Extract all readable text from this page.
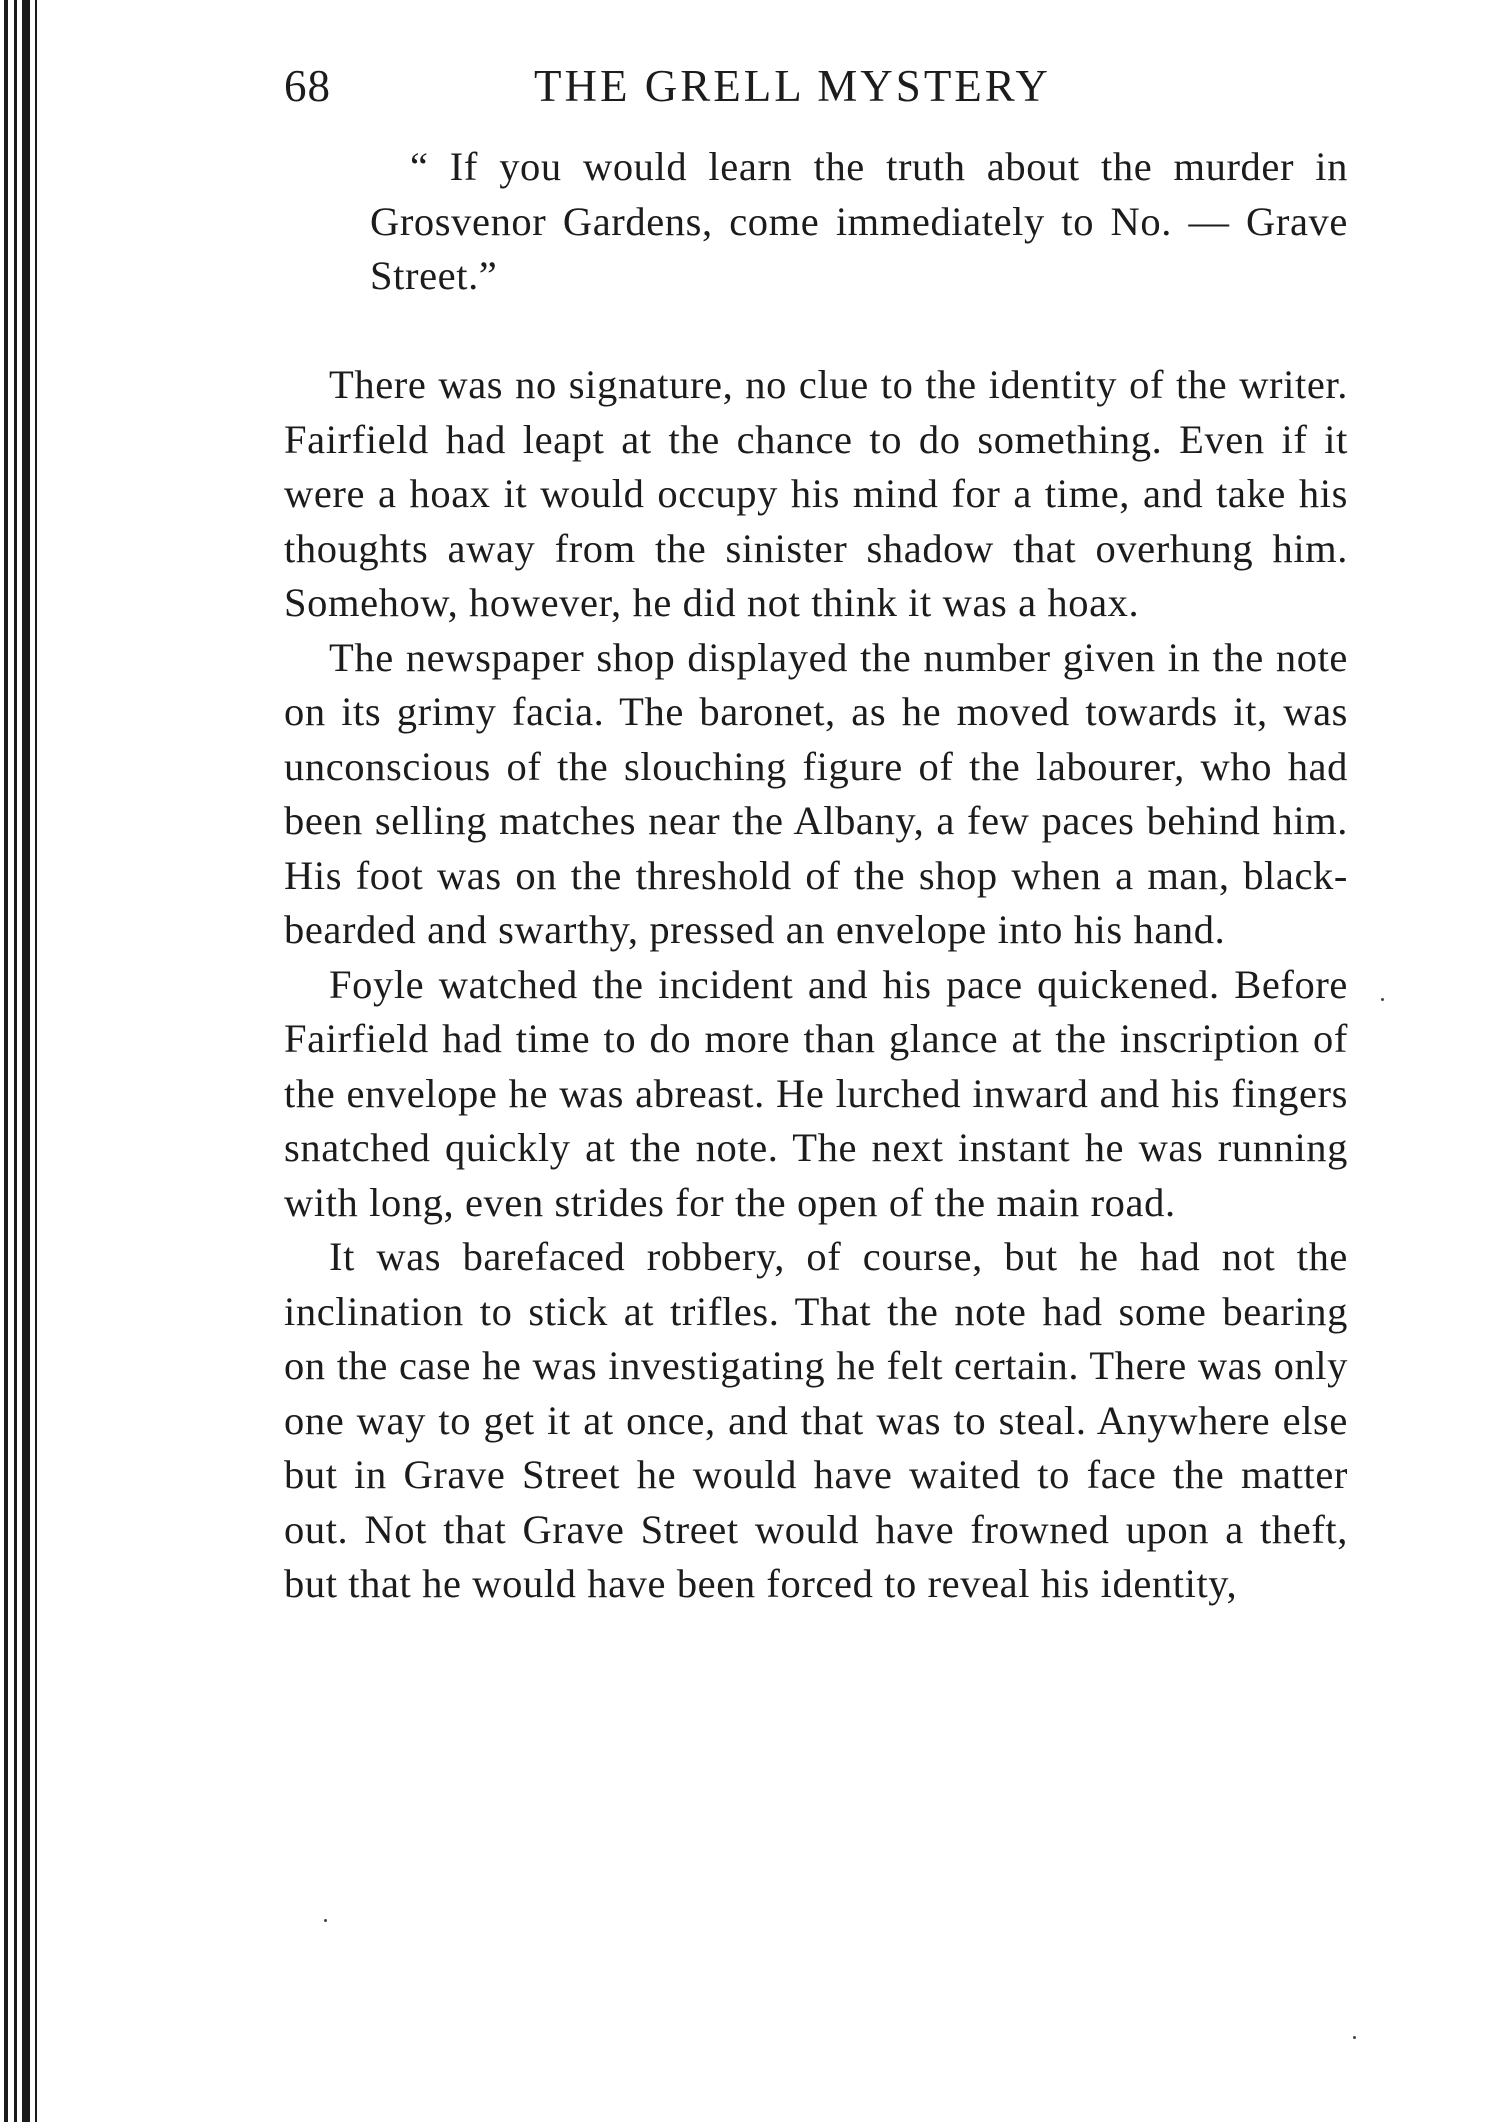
68	THE GRELL MYSTERY

“ If you would learn the truth about the murder in Grosvenor Gardens, come immediately to No. — Grave Street.”

There was no signature, no clue to the identity of the writer. Fairfield had leapt at the chance to do something. Even if it were a hoax it would occupy his mind for a time, and take his thoughts away from the sinister shadow that overhung him. Somehow, however, he did not think it was a hoax.

The newspaper shop displayed the number given in the note on its grimy facia. The baronet, as he moved towards it, was unconscious of the slouching figure of the labourer, who had been selling matches near the Albany, a few paces behind him. His foot was on the threshold of the shop when a man, black-bearded and swarthy, pressed an envelope into his hand.

Foyle watched the incident and his pace quickened. Before Fairfield had time to do more than glance at the inscription of the envelope he was abreast. He lurched inward and his fingers snatched quickly at the note. The next instant he was running with long, even strides for the open of the main road.

It was barefaced robbery, of course, but he had not the inclination to stick at trifles. That the note had some bearing on the case he was investigating he felt certain. There was only one way to get it at once, and that was to steal. Anywhere else but in Grave Street he would have waited to face the matter out. Not that Grave Street would have frowned upon a theft, but that he would have been forced to reveal his identity,
